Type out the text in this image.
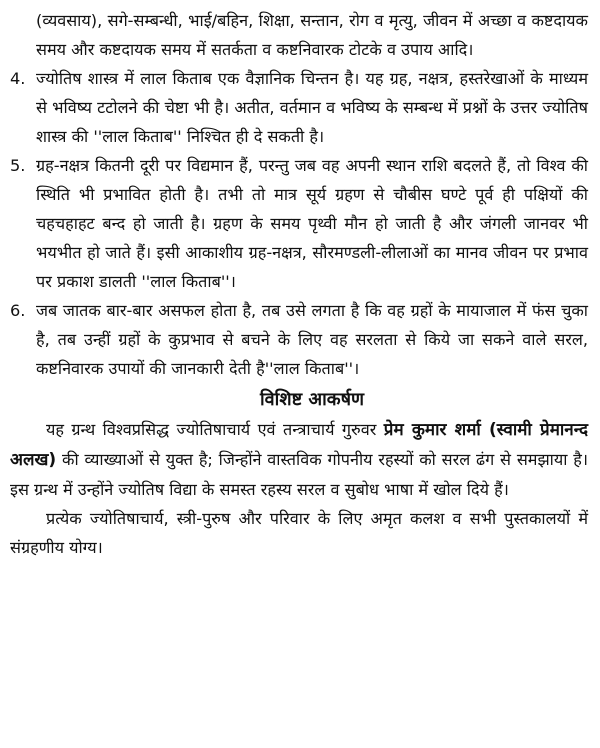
(व्यवसाय), सगे-सम्बन्धी, भाई/बहिन, शिक्षा, सन्तान, रोग व मृत्यु, जीवन में अच्छा व कष्टदायक समय और कष्टदायक समय में सतर्कता व कष्टनिवारक टोटके व उपाय आदि।

4. ज्योतिष शास्त्र में लाल किताब एक वैज्ञानिक चिन्तन है। यह ग्रह, नक्षत्र, हस्तरेखाओं के माध्यम से भविष्य टटोलने की चेष्टा भी है। अतीत, वर्तमान व भविष्य के सम्बन्ध में प्रश्नों के उत्तर ज्योतिष शास्त्र की ''लाल किताब'' निश्चित ही दे सकती है।
5. ग्रह-नक्षत्र कितनी दूरी पर विद्यमान हैं, परन्तु जब वह अपनी स्थान राशि बदलते हैं, तो विश्व की स्थिति भी प्रभावित होती है। तभी तो मात्र सूर्य ग्रहण से चौबीस घण्टे पूर्व ही पक्षियों की चहचहाहट बन्द हो जाती है। ग्रहण के समय पृथ्वी मौन हो जाती है और जंगली जानवर भी भयभीत हो जाते हैं। इसी आकाशीय ग्रह-नक्षत्र, सौरमण्डली-लीलाओं का मानव जीवन पर प्रभाव पर प्रकाश डालती ''लाल किताब''।
6. जब जातक बार-बार असफल होता है, तब उसे लगता है कि वह ग्रहों के मायाजाल में फंस चुका है, तब उन्हीं ग्रहों के कुप्रभाव से बचने के लिए वह सरलता से किये जा सकने वाले सरल, कष्टनिवारक उपायों की जानकारी देती है''लाल किताब''।
विशिष्ट आकर्षण

यह ग्रन्थ विश्वप्रसिद्ध ज्योतिषाचार्य एवं तन्त्राचार्य गुरुवर प्रेम कुमार शर्मा (स्वामी प्रेमानन्द अलख) की व्याख्याओं से युक्त है; जिन्होंने वास्तविक गोपनीय रहस्यों को सरल ढंग से समझाया है। इस ग्रन्थ में उन्होंने ज्योतिष विद्या के समस्त रहस्य सरल व सुबोध भाषा में खोल दिये हैं।

प्रत्येक ज्योतिषाचार्य, स्त्री-पुरुष और परिवार के लिए अमृत कलश व सभी पुस्तकालयों में संग्रहणीय योग्य।
